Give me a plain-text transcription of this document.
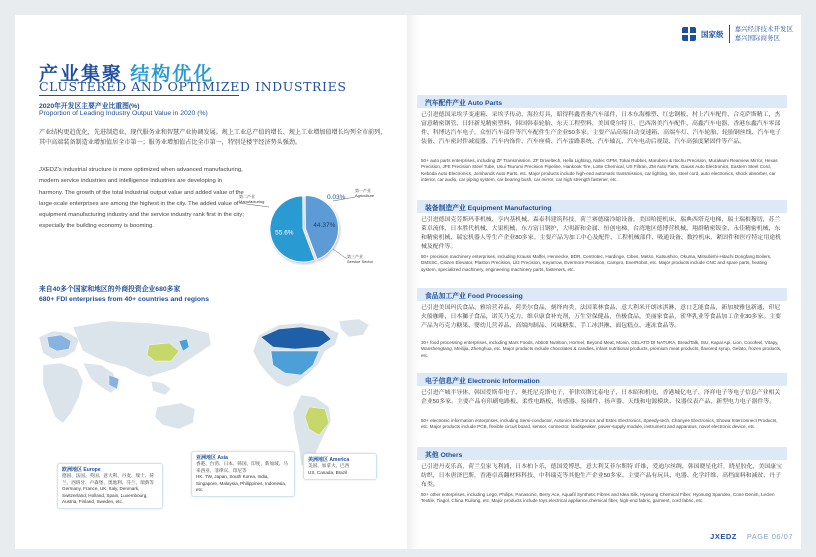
国家级 嘉兴经济技术开发区
嘉兴国际商务区
产业集聚 结构优化
CLUSTERED AND OPTIMIZED INDUSTRIES
2020年开发区主要产业比重图(%)
Proportion of Leading Industry Output Value in 2020 (%)
产业结构更趋优化，先进制造业、现代服务业和智慧产业协调发展。规上工业总产值的增长、规上工业增加值增长均列全市前列，其中高端装备制造业增加值居全市第一；服务业增加值占比全市第一，特别是楼宇经济势头强劲。
JXEDZ's industrial structure is more optimized when advanced manufacturing, modern service industries and intelligence industries are developing in harmony. The growth of the total industrial output value and added value of the large-scale enterprises are among the highest in the city. The added value of equipment manufacturing industry and the service industry rank first in the city; especially the building economy is booming.
0.03%
44.37%
55.6%
第一产业
Agriculture
第二产业
Manufacturing
第三产业
Service Sector
来自40多个国家和地区的外商投资企业680多家
680+ FDI enterprises from 40+ countries and regions
欧洲地区 Europe
德国、法国、英国、意大利、丹麦、瑞士、荷兰、西班牙、卢森堡、奥地利、芬兰、瑞典等
Germany, France, UK, Italy, Denmark, Switzerland, Holland, Spain, Luxembourg, Austria, Finland, Sweden, etc.
亚洲地区 Asia
香港、台湾、日本、韩国、印度、新加坡、马来西亚、菲律宾、印尼等
HK, TW, Japan, South Korea, India, Singapore, Malaysia, Philippines, Indonesia, etc.
美洲地区 America
美国、加拿大、巴西
US, Canada, Brazil
汽车配件产业 Auto Parts
已引进德国采埃孚变速箱、采埃孚传动、海拉灯具，昭得科鑫普奥汽车部件，日本东海橡塑、红忠钢板、村上汽车配件、合克萨斯精工，杰富意精密钢管、日轩新见精密塑料，韩国韩泰轮胎、东天工程塑料，美国费尔特卫、巴西洛美汽车配件、高鑫汽车电器，香港东鑫汽车零部件、科博达汽车电子，众恒汽车部件等汽车配件生产企业50多家。主要产品高端自动变速箱、高端车灯、汽车轮胎、轮胎钢丝线、汽车电子装备、汽车密封件减震器、汽车内饰件、汽车座椅、汽车雷路系统、汽车轴瓦、汽车电动后视镜、汽车高强度紧固件等产品。
50+ auto parts enterprises, including ZF Transmission, ZF Driveltech, Hella Lighting, Nidec GPM, Tokai Rubber, Marubeni & Itochu Precision, Murakami Rearview Mirror, Hexas Precision, JFE Precision Steel Tube, Usui Tsurumi Precision Pipeline, Hankook Tire, Lotte Chemical, US Filtran, ZM Auto Parts, Gauss Auto Electronics, Eastern Steel Cord, Keboda Auto Electronics, Jomhands Auto Parts, etc. Major products include high-end automatic transmission, car lighting, tire, steel cord, auto electronics, shock absorber, car interior, car audio, car piping system, car bearing bush, car mirror, car high strength fastener, etc.
装备制造产业 Equipment Manufacturing
已引进德国克劳斯玛菲机械、亨内基机械、森泰科建筑科技，荷兰赛德瑞冷缩设备，美国哈挺机床，瑞典西塔克电梯，瑞士瑞根穆切，苏兰萊卓流体，日本胜代机械、大果机械、东方富日钢护，大明新和金属、恒创电梯，台湾地区德博营机械、翔群精密钣金、永佳精密机械，东和精密机械、瑞宏机器人等生产企业80多家。主要产品为加工中心及配件、工程机械部件、吸通设备、数控机床、紧固件和医疗特定用途机械及配件等。
80+ precision machinery enterprises, including Krauss Maffei, Hennecke, BDR, Centrotec, Hardinge, Cibes, Metso, Katsushiro, Okuma, Mitsubishi-Hitachi Dongfang Boilers, DMSSC, Citizen Elevator, Plaston Precision, Litz Precision, Keyarrow, Evermore Precision, Campro, EverRobot, etc. Major products include CNC and spare parts, heating system, specialized machinery, engineering machinery parts, fasteners, etc.
食品加工产业 Food Processing
已引进美国玛氏食品、雅培营养品、荷美尔食品，刻绎肉类，法国莱林食品，意大利米开朗冰淇淋，意口艺能食品，新加坡雅包新通，印尼火船咖啡，日本獅子食品，诺芙乃克力，维卓康食补充剂，万生堂保健品，鱼极食品，美丽家食品，雀华乳业等食品加工企业30多家。主要产品为巧克力糖果、婴幼儿营养品、高端肉制品、风味糖浆、手工冰淇淋、面包糕点、速冻食品等。
30+ food processing enterprises, including Mars Foods, Abbott Nutrition, Hormel, Beyond Meat, Monin, GELATO DI NATURA, BreadTalk, ISU, Kapal Api, Lion, Cocofeel, Vitapy, Wanshengtang, Meilijia, Zhenghua, etc. Major products include chocolates & candies, infant nutritional products, premium meat products, flavored syrup, Gelato, frozen products, etc.
电子信息产业 Electronic Information
已引进产城半导体、韩国爱斯带电子、奥托尼克斯电子，菲律宾斯比泰电子，日本昭和机电，香港城亿电子，泽祥电子等电子信息产业相关企业50多家。主要产品有印刷电路板、柔性电路板、传感器、接插件、扬声器、天线和电源模块、仪器仪表产品、新型电力电子器件等。
50+ electronic information enterprises, including Semi-conductor, Autonics Electronics and Estec Electronics, Speedy-tech, Chanyee Electronics, Showa Interconnect Products, etc. Major products include PCB, flexible circuit board, sensor, connector, loudspeaker, power-supply module, instrument and apparatus, novel electronic device, etc.
其他 Others
已引进丹麦乐高，荷兰皇家飞利浦，日本柏卜乐，德国爱博思，意大利艾菲尔斯特 纤维，爱迪尔丝绸，韩国晓星化纤，晓星胶化，美国康宝纺织，日本唐泽巴斯，香港卓高翻材料科技、中科瑞克等其他生产企业50多家。主要产品有玩具、电器、化学纤维、高档面料和减贫、丹子布类。
50+ other enterprises, including Lego, Philips, Panasonic, Berry Ace, Aquafil Synthetic Fibres and Idea Silk, Hyosung Chemical Fiber, Hyosung Spandex, Cone Denim, Leclen Textile, Tiagol, China Ruilong, etc. Major products include toys,electrical appliance,chemical fiber, high-end fabric, garment, cord fabric, etc.
JXEDZ PAGE 06/07
